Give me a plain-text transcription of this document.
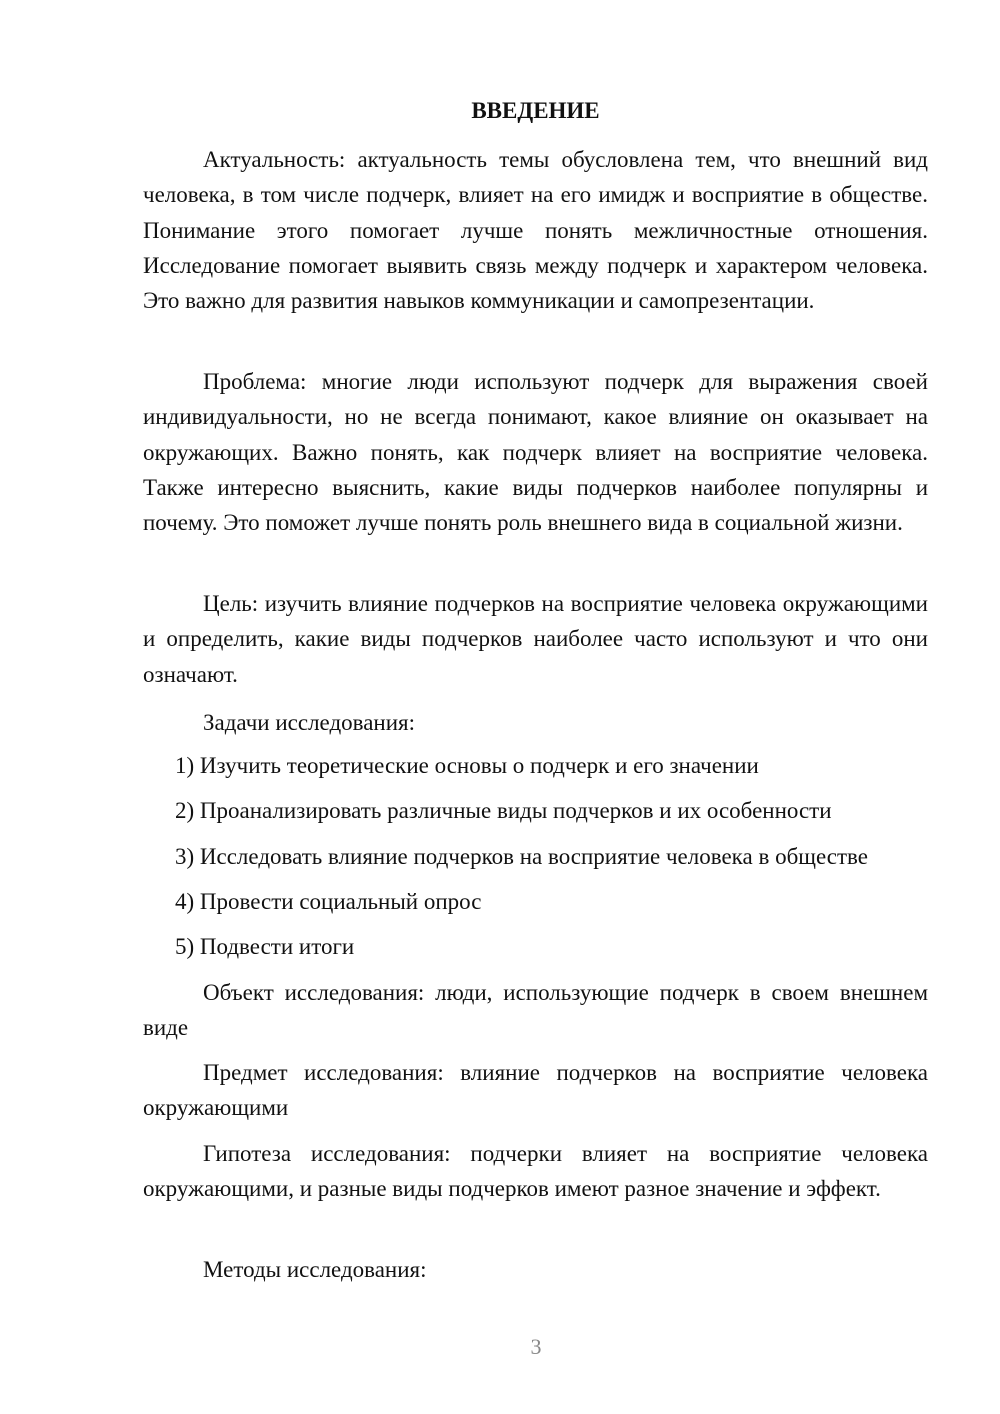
ВВЕДЕНИЕ

Актуальность: актуальность темы обусловлена тем, что внешний вид человека, в том числе подчерк, влияет на его имидж и восприятие в обществе. Понимание этого помогает лучше понять межличностные отношения. Исследование помогает выявить связь между подчерк и характером человека. Это важно для развития навыков коммуникации и самопрезентации.

Проблема: многие люди используют подчерк для выражения своей индивидуальности, но не всегда понимают, какое влияние он оказывает на окружающих. Важно понять, как подчерк влияет на восприятие человека. Также интересно выяснить, какие виды подчерков наиболее популярны и почему. Это поможет лучше понять роль внешнего вида в социальной жизни.

Цель: изучить влияние подчерков на восприятие человека окружающими и определить, какие виды подчерков наиболее часто используют и что они означают.

Задачи исследования:

1) Изучить теоретические основы о подчерк и его значении

2) Проанализировать различные виды подчерков и их особенности

3) Исследовать влияние подчерков на восприятие человека в обществе

4) Провести социальный опрос

5) Подвести итоги

Объект исследования: люди, использующие подчерк в своем внешнем виде

Предмет исследования: влияние подчерков на восприятие человека окружающими

Гипотеза исследования: подчерки влияет на восприятие человека окружающими, и разные виды подчерков имеют разное значение и эффект.

Методы исследования:

3
